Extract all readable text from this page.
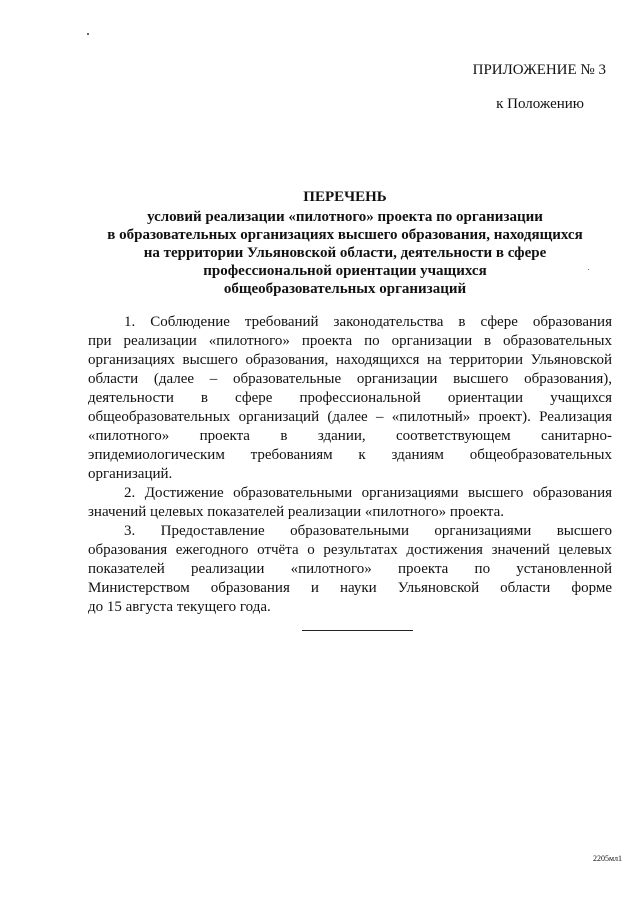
ПРИЛОЖЕНИЕ № 3
к Положению
ПЕРЕЧЕНЬ
условий реализации «пилотного» проекта по организации
в образовательных организациях высшего образования, находящихся
на территории Ульяновской области, деятельности в сфере
профессиональной ориентации учащихся
общеобразовательных организаций
1. Соблюдение требований законодательства в сфере образования
при реализации «пилотного» проекта по организации в образовательных
организациях высшего образования, находящихся на территории Ульяновской
области (далее – образовательные организации высшего образования),
деятельности в сфере профессиональной ориентации учащихся
общеобразовательных организаций (далее – «пилотный» проект). Реализация
«пилотного» проекта в здании, соответствующем санитарно-
эпидемиологическим требованиям к зданиям общеобразовательных
организаций.
2. Достижение образовательными организациями высшего образования
значений целевых показателей реализации «пилотного» проекта.
3. Предоставление образовательными организациями высшего
образования ежегодного отчёта о результатах достижения значений целевых
показателей реализации «пилотного» проекта по установленной
Министерством образования и науки Ульяновской области форме
до 15 августа текущего года.
2205мл1
